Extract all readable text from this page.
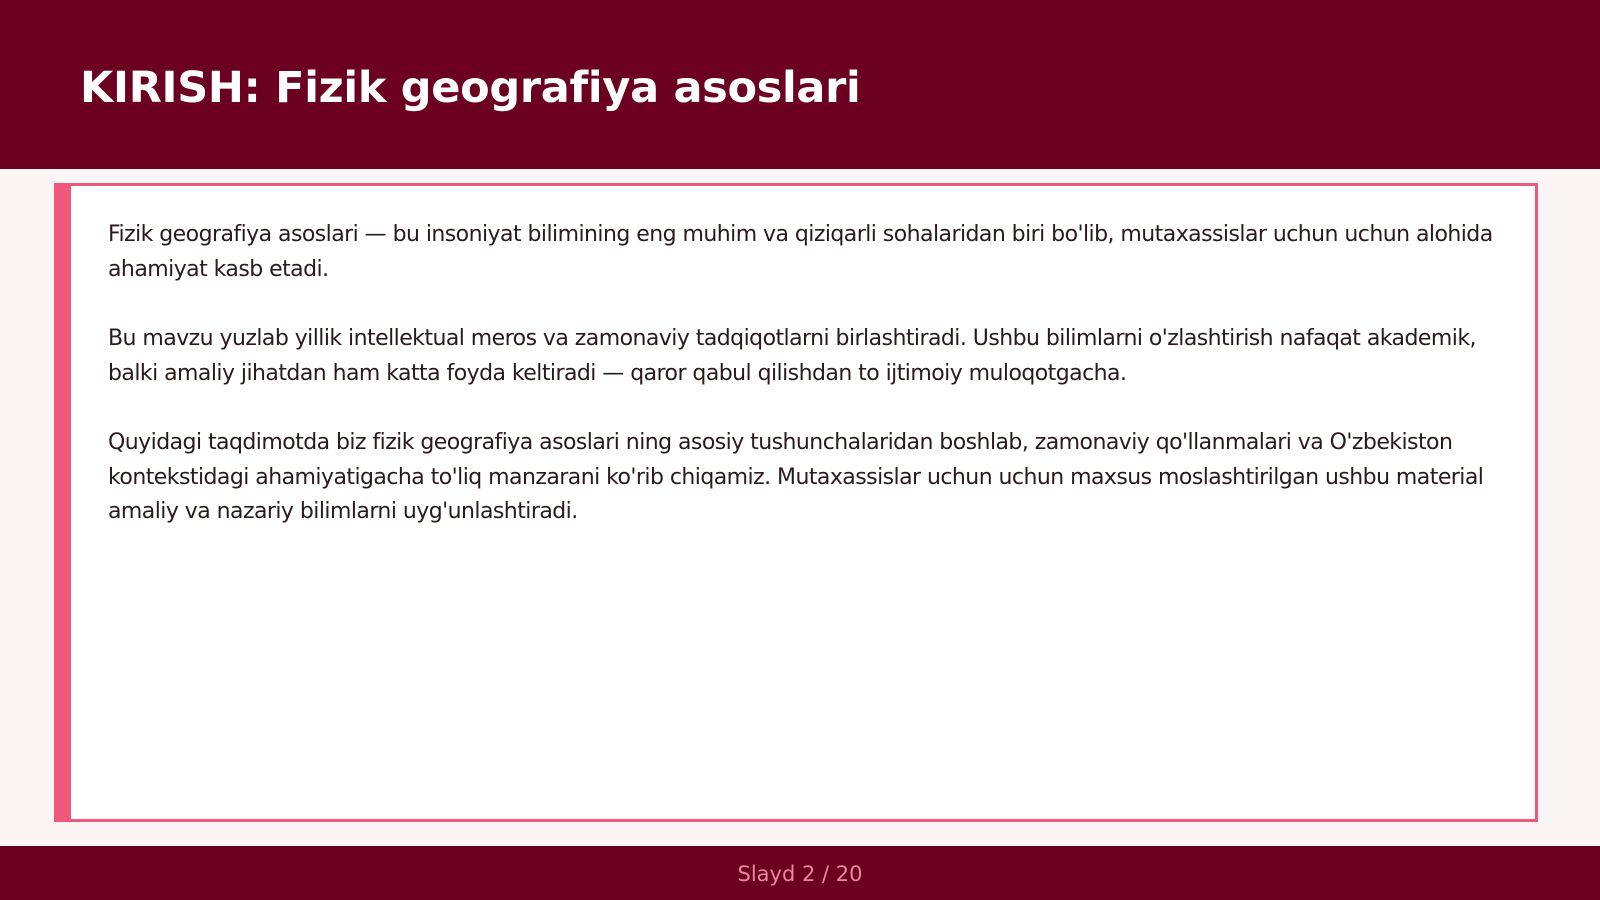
KIRISH: Fizik geografiya asoslari

Fizik geografiya asoslari — bu insoniyat bilimining eng muhim va qiziqarli sohalaridan biri bo'lib, mutaxassislar uchun uchun alohida ahamiyat kasb etadi.

Bu mavzu yuzlab yillik intellektual meros va zamonaviy tadqiqotlarni birlashtiradi. Ushbu bilimlarni o'zlashtirish nafaqat akademik, balki amaliy jihatdan ham katta foyda keltiradi — qaror qabul qilishdan to ijtimoiy muloqotgacha.

Quyidagi taqdimotda biz fizik geografiya asoslari ning asosiy tushunchalaridan boshlab, zamonaviy qo'llanmalari va O'zbekiston kontekstidagi ahamiyatigacha to'liq manzarani ko'rib chiqamiz. Mutaxassislar uchun uchun maxsus moslashtirilgan ushbu material amaliy va nazariy bilimlarni uyg'unlashtiradi.

Slayd 2 / 20
